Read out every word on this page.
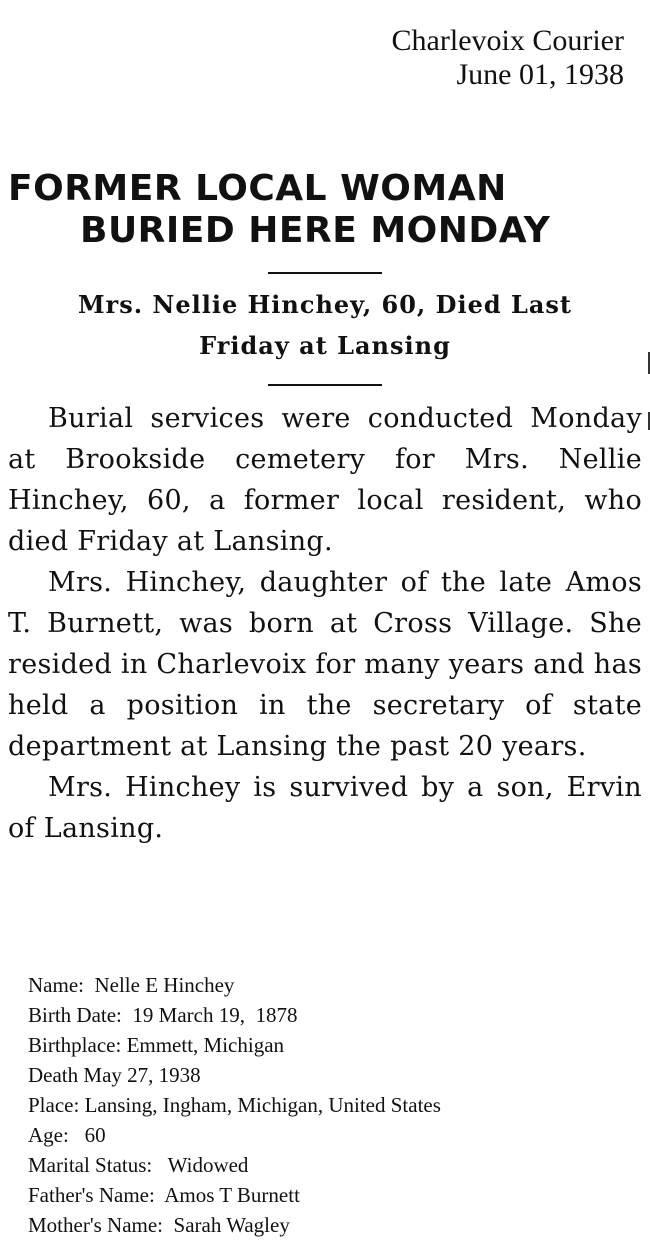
Charlevoix Courier
June 01, 1938
FORMER LOCAL WOMAN
BURIED HERE MONDAY
Mrs. Nellie Hinchey, 60, Died Last
Friday at Lansing

Burial services were conducted Monday at Brookside cemetery for Mrs. Nellie Hinchey, 60, a former local resident, who died Friday at Lansing.

Mrs. Hinchey, daughter of the late Amos T. Burnett, was born at Cross Village. She resided in Charlevoix for many years and has held a position in the secretary of state department at Lansing the past 20 years.

Mrs. Hinchey is survived by a son, Ervin of Lansing.

Name: Nelle E Hinchey
Birth Date: 19 March 19,  1878
Birthplace: Emmett, Michigan
Death May 27, 1938
Place: Lansing, Ingham, Michigan, United States
Age: 60
Marital Status: Widowed
Father's Name: Amos T Burnett
Mother's Name: Sarah Wagley
